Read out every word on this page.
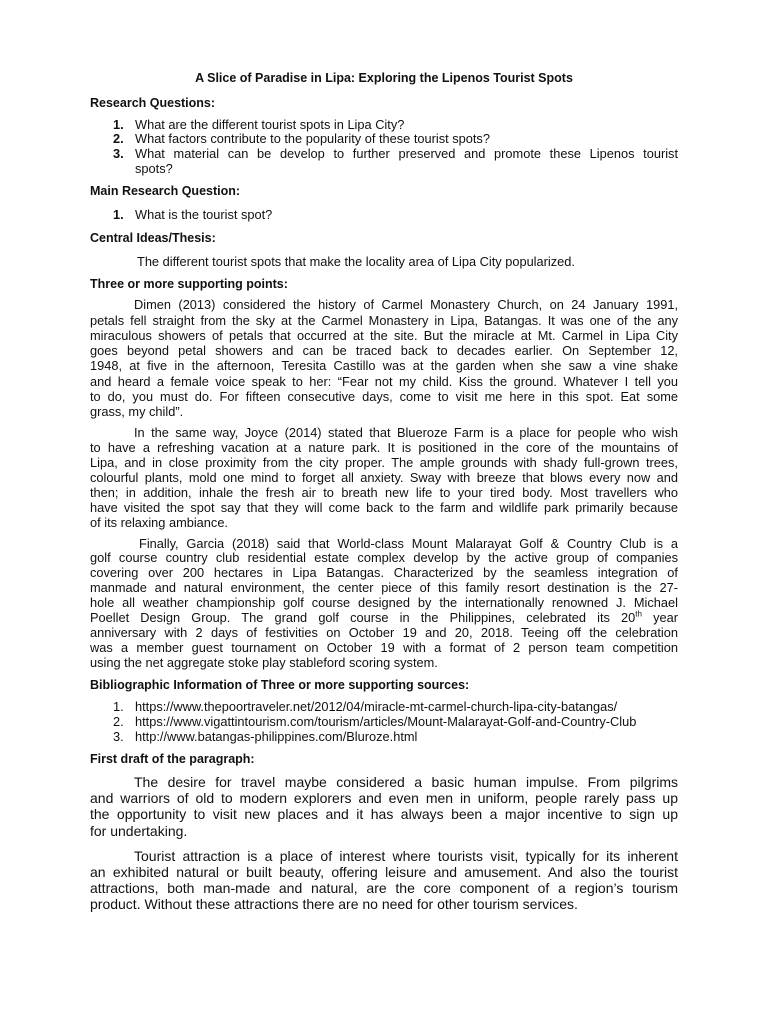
A Slice of Paradise in Lipa: Exploring the Lipenos Tourist Spots
Research Questions:
1. What are the different tourist spots in Lipa City?
2. What factors contribute to the popularity of these tourist spots?
3. What material can be develop to further preserved and promote these Lipenos tourist
spots?
Main Research Question:
1. What is the tourist spot?
Central Ideas/Thesis:
The different tourist spots that make the locality area of Lipa City popularized.
Three or more supporting points:
Dimen (2013) considered the history of Carmel Monastery Church, on 24 January 1991,
petals fell straight from the sky at the Carmel Monastery in Lipa, Batangas. It was one of the any
miraculous showers of petals that occurred at the site. But the miracle at Mt. Carmel in Lipa City
goes beyond petal showers and can be traced back to decades earlier. On September 12,
1948, at five in the afternoon, Teresita Castillo was at the garden when she saw a vine shake
and heard a female voice speak to her: “Fear not my child. Kiss the ground. Whatever I tell you
to do, you must do. For fifteen consecutive days, come to visit me here in this spot. Eat some
grass, my child”.
In the same way, Joyce (2014) stated that Blueroze Farm is a place for people who wish
to have a refreshing vacation at a nature park. It is positioned in the core of the mountains of
Lipa, and in close proximity from the city proper. The ample grounds with shady full-grown trees,
colourful plants, mold one mind to forget all anxiety. Sway with breeze that blows every now and
then; in addition, inhale the fresh air to breath new life to your tired body. Most travellers who
have visited the spot say that they will come back to the farm and wildlife park primarily because
of its relaxing ambiance.
Finally, Garcia (2018) said that World-class Mount Malarayat Golf & Country Club is a
golf course country club residential estate complex develop by the active group of companies
covering over 200 hectares in Lipa Batangas. Characterized by the seamless integration of
manmade and natural environment, the center piece of this family resort destination is the 27-
hole all weather championship golf course designed by the internationally renowned J. Michael
Poellet Design Group. The grand golf course in the Philippines, celebrated its 20th year
anniversary with 2 days of festivities on October 19 and 20, 2018. Teeing off the celebration
was a member guest tournament on October 19 with a format of 2 person team competition
using the net aggregate stoke play stableford scoring system.
Bibliographic Information of Three or more supporting sources:
1. https://www.thepoortraveler.net/2012/04/miracle-mt-carmel-church-lipa-city-batangas/
2. https://www.vigattintourism.com/tourism/articles/Mount-Malarayat-Golf-and-Country-Club
3. http://www.batangas-philippines.com/Bluroze.html
First draft of the paragraph:
The desire for travel maybe considered a basic human impulse. From pilgrims
and warriors of old to modern explorers and even men in uniform, people rarely pass up
the opportunity to visit new places and it has always been a major incentive to sign up
for undertaking.
Tourist attraction is a place of interest where tourists visit, typically for its inherent
an exhibited natural or built beauty, offering leisure and amusement. And also the tourist
attractions, both man-made and natural, are the core component of a region’s tourism
product. Without these attractions there are no need for other tourism services.
